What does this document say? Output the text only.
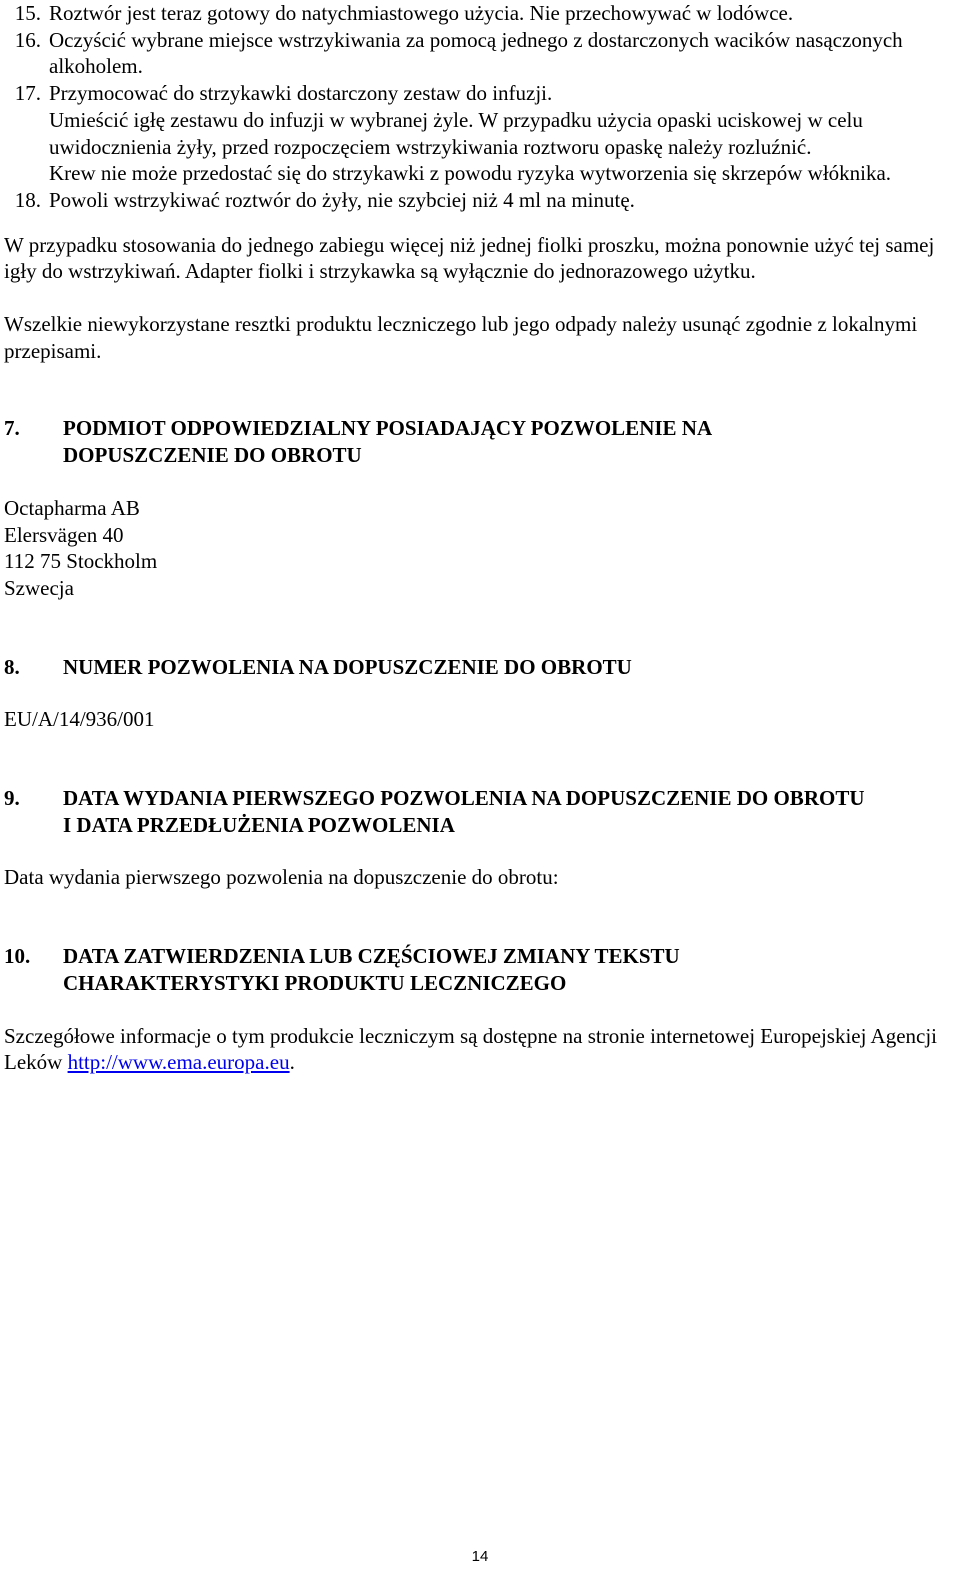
15. Roztwór jest teraz gotowy do natychmiastowego użycia. Nie przechowywać w lodówce.

16. Oczyścić wybrane miejsce wstrzykiwania za pomocą jednego z dostarczonych wacików nasączonych alkoholem.

17. Przymocować do strzykawki dostarczony zestaw do infuzji.

Umieścić igłę zestawu do infuzji w wybranej żyle. W przypadku użycia opaski uciskowej w celu uwidocznienia żyły, przed rozpoczęciem wstrzykiwania roztworu opaskę należy rozluźnić.

Krew nie może przedostać się do strzykawki z powodu ryzyka wytworzenia się skrzepów włóknika.

18. Powoli wstrzykiwać roztwór do żyły, nie szybciej niż 4 ml na minutę.

W przypadku stosowania do jednego zabiegu więcej niż jednej fiolki proszku, można ponownie użyć tej samej igły do wstrzykiwań. Adapter fiolki i strzykawka są wyłącznie do jednorazowego użytku.

Wszelkie niewykorzystane resztki produktu leczniczego lub jego odpady należy usunąć zgodnie z lokalnymi przepisami.

7.	PODMIOT ODPOWIEDZIALNY POSIADAJĄCY POZWOLENIE NA
DOPUSZCZENIE DO OBROTU

Octapharma AB

Elersvägen 40

112 75 Stockholm

Szwecja

8.	NUMER POZWOLENIA NA DOPUSZCZENIE DO OBROTU

EU/A/14/936/001

9.	DATA WYDANIA PIERWSZEGO POZWOLENIA NA DOPUSZCZENIE DO OBROTU
I DATA PRZEDŁUŻENIA POZWOLENIA

Data wydania pierwszego pozwolenia na dopuszczenie do obrotu:

10.	DATA ZATWIERDZENIA LUB CZĘŚCIOWEJ ZMIANY TEKSTU
CHARAKTERYSTYKI PRODUKTU LECZNICZEGO

Szczegółowe informacje o tym produkcie leczniczym są dostępne na stronie internetowej Europejskiej Agencji Leków http://www.ema.europa.eu.

14
